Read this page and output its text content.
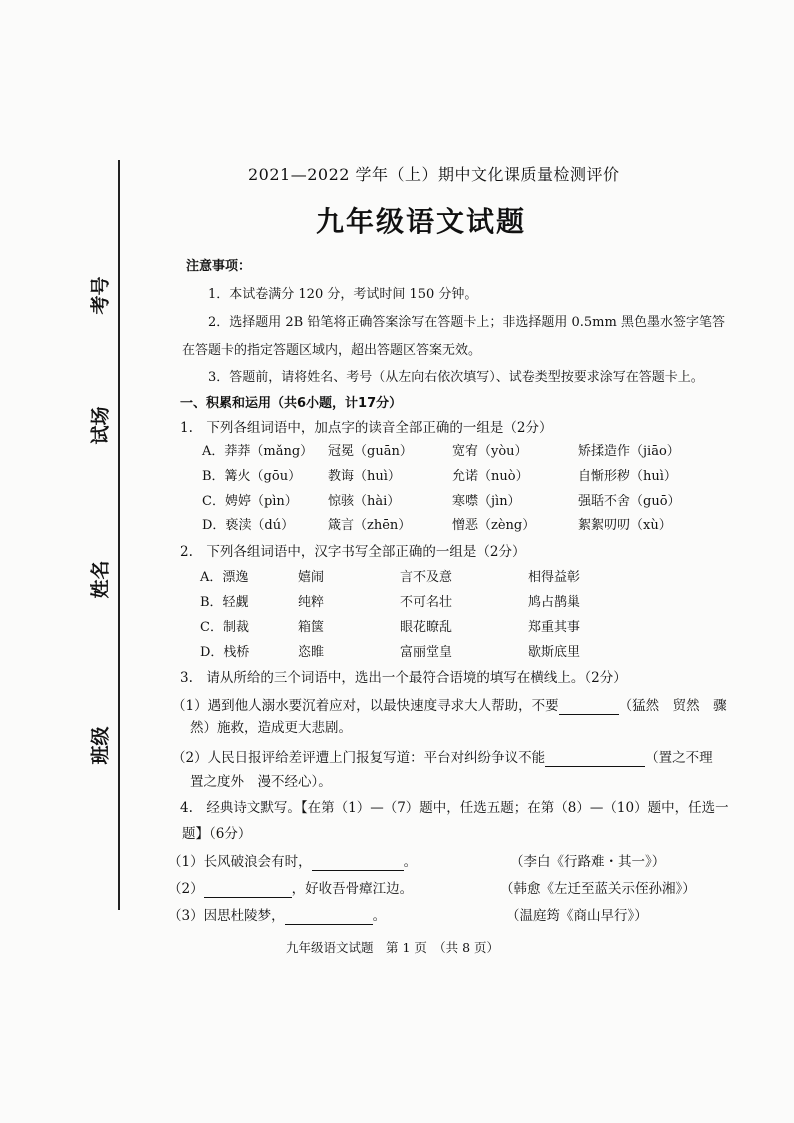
考号
试场
姓名
班级
2021—2022 学年（上）期中文化课质量检测评价
九年级语文试题
注意事项：
1．本试卷满分 120 分，考试时间 150 分钟。
2．选择题用 2B 铅笔将正确答案涂写在答题卡上；非选择题用 0.5mm 黑色墨水签字笔答
在答题卡的指定答题区域内，超出答题区答案无效。
3．答题前，请将姓名、考号（从左向右依次填写）、试卷类型按要求涂写在答题卡上。
一、积累和运用（共6小题，计17分）
1.　下列各组词语中，加点字的读音全部正确的一组是（2分）
A．莽莽（mǎng） 冠冕（guān）	宽宥（yòu）	矫揉造作（jiāo）
B．篝火（gōu） 教诲（huì）	允诺（nuò）	自惭形秽（huì）
C．娉婷（pìn） 惊骇（hài）	寒噤（jìn）	强聒不舍（guō）
D．亵渎（dú）	箴言（zhēn）	憎恶（zèng）	絮絮叨叨（xù）
2.　下列各组词语中，汉字书写全部正确的一组是（2分）
A．漂逸	嬉闹	言不及意	相得益彰
B．轻觑	纯粹	不可名壮	鸠占鹊巢
C．制裁	箱箧	眼花瞭乱	郑重其事
D．栈桥	恣睢	富丽堂皇	歇斯底里
3.　请从所给的三个词语中，选出一个最符合语境的填写在横线上。（2分）
（1）遇到他人溺水要沉着应对，以最快速度寻求大人帮助，不要	（猛然　贸然　骤
然）施救，造成更大悲剧。
（2）人民日报评给差评遭上门报复写道：平台对纠纷争议不能	（置之不理
置之度外　漫不经心）。
4.　经典诗文默写。【在第（1）—（7）题中，任选五题；在第（8）—（10）题中，任选一
题】（6分）
（1）长风破浪会有时，	。	（李白《行路难・其一》）
（2）	，好收吾骨瘴江边。	（韩愈《左迁至蓝关示侄孙湘》）
（3）因思杜陵梦，	。	（温庭筠《商山早行》）
九年级语文试题　第 1 页　（共 8 页）
